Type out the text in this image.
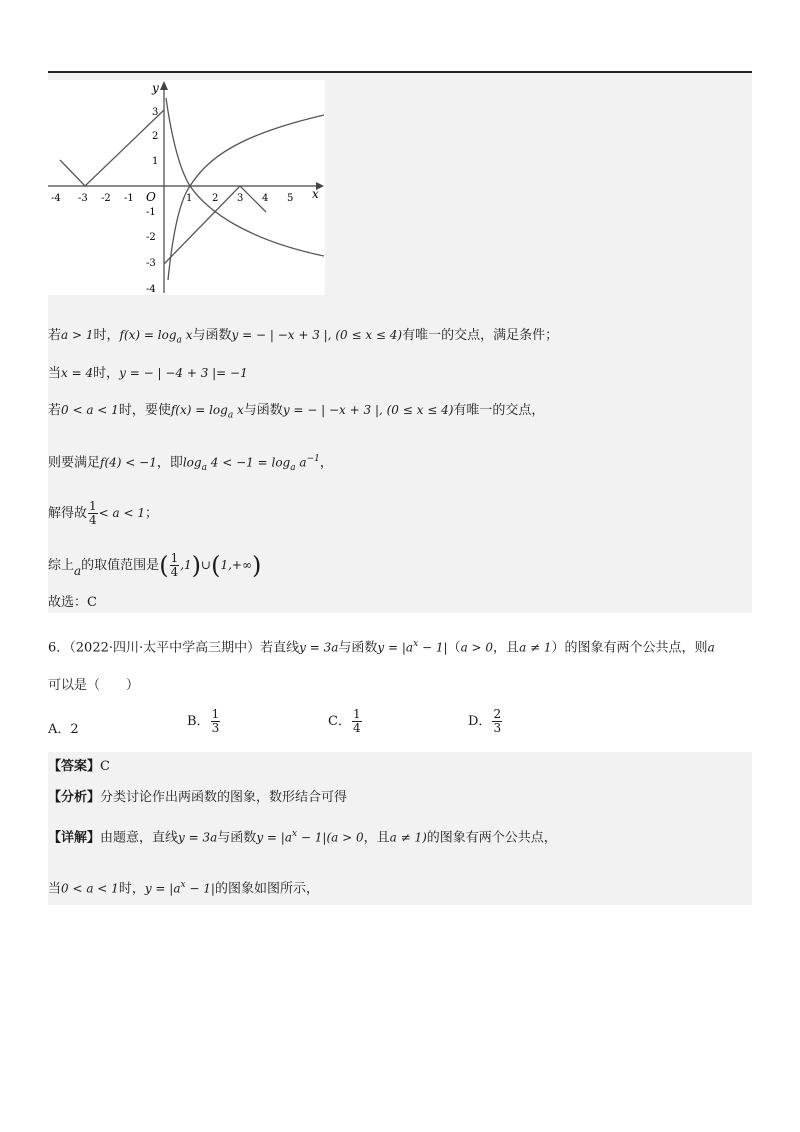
y
x
O
-4 -3 -2 -1	1 2 3 4 5
3
2
1
-1
-2
-3
-4
若a > 1时，$f(x) = \log_a x$与函数y = − | −x + 3 |, (0 ≤ x ≤ 4)有唯一的交点，满足条件；
当x = 4时，y = − | −4 + 3 |= −1
若0 < a < 1时，要使$f(x) = \log_a x$与函数y = − | −x + 3 |, (0 ≤ x ≤ 4)有唯一的交点，
则要满足f(4) < −1，即$\log_a 4 < -1 = \log_a a^{-1}$，
解得故 $\frac{1}{4} < a < 1$；
综上a的取值范围是( $\frac{1}{4}$ ,1)∪(1,+∞)
故选：C
6．（2022·四川·太平中学高三期中）若直线y = 3a与函数$y = |a^x - 1|(a > 0$，且a ≠ 1）的图象有两个公共点，则a
可以是（　　）
A．2
B． $\frac{1}{3}$	C． $\frac{1}{4}$	D． $\frac{2}{3}$
【答案】C
【分析】分类讨论作出两函数的图象，数形结合可得
【详解】由题意，直线y = 3a与函数$y = |a^x - 1|(a > 0$，且a ≠ 1)的图象有两个公共点，
当0 < a < 1时，$y = |a^x - 1|$的图象如图所示，
